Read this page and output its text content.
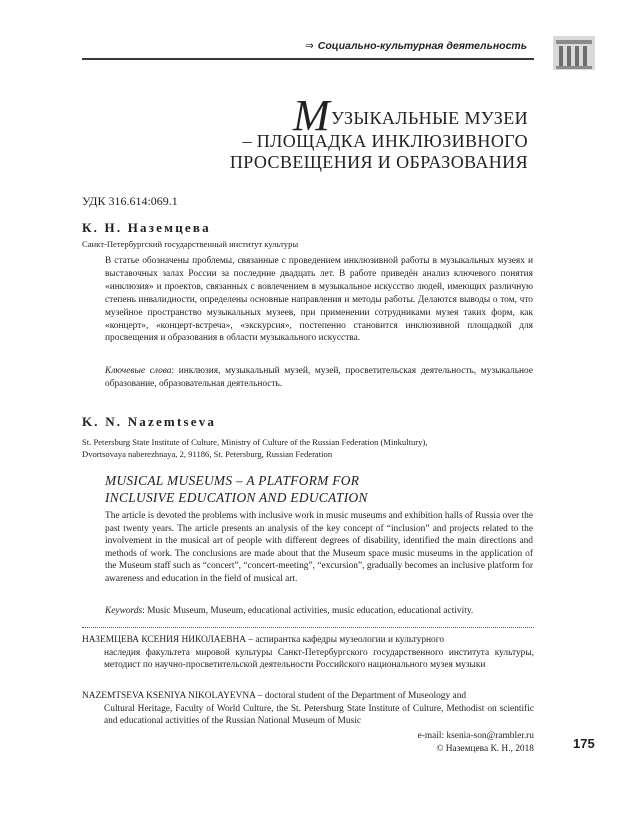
⇒ Социально-культурная деятельность
МУЗЫКАЛЬНЫЕ МУЗЕИ
– ПЛОЩАДКА ИНКЛЮЗИВНОГО
ПРОСВЕЩЕНИЯ И ОБРАЗОВАНИЯ
УДК 316.614:069.1
К. Н. Наземцева
Санкт-Петербургский государственный институт культуры
В статье обозначены проблемы, связанные с проведением инклюзивной работы в музыкальных музеях и выставочных залах России за последние двадцать лет. В работе приведён анализ ключевого понятия «инклюзия» и проектов, связанных с вовлечением в музыкальное искусство людей, имеющих различную степень инвалидности, определены основные направления и методы работы. Делаются выводы о том, что музейное пространство музыкальных музеев, при применении сотрудниками музея таких форм, как «концерт», «концерт-встреча», «экскурсия», постепенно становится инклюзивной площадкой для просвещения и образования в области музыкального искусства.
Ключевые слова: инклюзия, музыкальный музей, музей, просветительская деятельность, музыкальное образование, образовательная деятельность.
K. N. Nazemtseva
St. Petersburg State Institute of Culture, Ministry of Culture of the Russian Federation (Minkultury),
Dvortsovaya naberezhnaya, 2, 91186, St. Petersburg, Russian Federation
MUSICAL MUSEUMS – A PLATFORM FOR
INCLUSIVE EDUCATION AND EDUCATION
The article is devoted the problems with inclusive work in music museums and exhibition halls of Russia over the past twenty years. The article presents an analysis of the key concept of “inclusion” and projects related to the involvement in the musical art of people with different degrees of disability, identified the main directions and methods of work. The conclusions are made about that the Museum space music museums in the application of the Museum staff such as “concert”, “concert-meeting”, “excursion”, gradually becomes an inclusive platform for awareness and education in the field of musical art.
Keywords: Music Museum, Museum, educational activities, music education, educational activity.
НАЗЕМЦЕВА КСЕНИЯ НИКОЛАЕВНА – аспирантка кафедры музеологии и культурного
наследия факультета мировой культуры Санкт-Петербургского государственного института культуры, методист по научно-просветительской деятельности Российского национального музея музыки
NAZEMTSEVA KSENIYA NIKOLAYEVNA – doctoral student of the Department of Museology and
Cultural Heritage, Faculty of World Culture, the St. Petersburg State Institute of Culture, Methodist on scientific and educational activities of the Russian National Museum of Music
e-mail: ksenia-son@rambler.ru
© Наземцева К. Н., 2018	175
